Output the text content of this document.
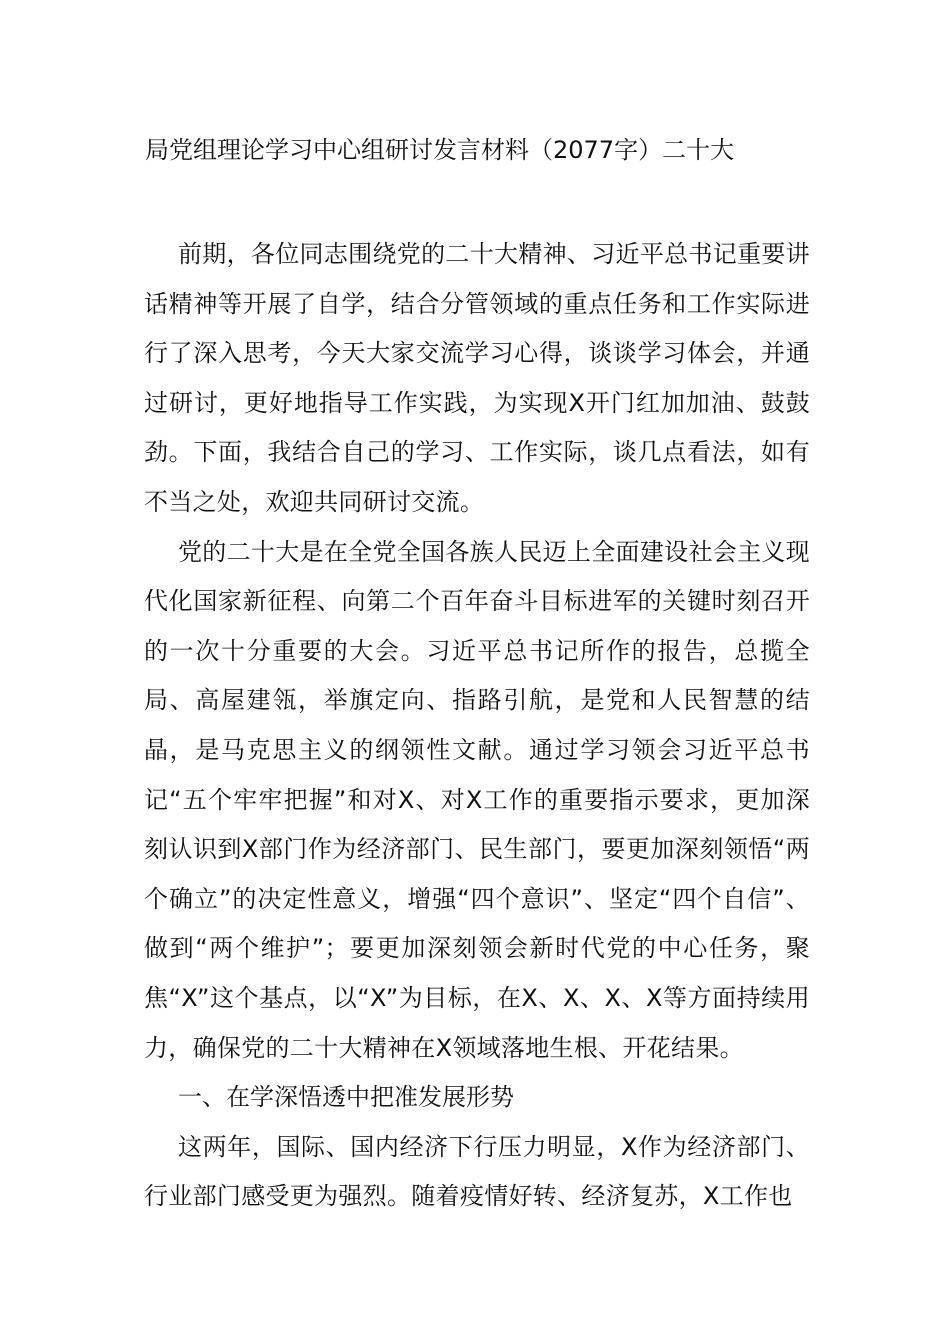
局党组理论学习中心组研讨发言材料（2077字）二十大

前期，各位同志围绕党的二十大精神、习近平总书记重要讲话精神等开展了自学，结合分管领域的重点任务和工作实际进行了深入思考，今天大家交流学习心得，谈谈学习体会，并通过研讨，更好地指导工作实践，为实现X开门红加加油、鼓鼓劲。下面，我结合自己的学习、工作实际，谈几点看法，如有不当之处，欢迎共同研讨交流。

党的二十大是在全党全国各族人民迈上全面建设社会主义现代化国家新征程、向第二个百年奋斗目标进军的关键时刻召开的一次十分重要的大会。习近平总书记所作的报告，总揽全局、高屋建瓴，举旗定向、指路引航，是党和人民智慧的结晶，是马克思主义的纲领性文献。通过学习领会习近平总书记“五个牢牢把握”和对X、对X工作的重要指示要求，更加深刻认识到X部门作为经济部门、民生部门，要更加深刻领悟“两个确立”的决定性意义，增强“四个意识”、坚定“四个自信”、做到“两个维护”；要更加深刻领会新时代党的中心任务，聚焦“X”这个基点，以“X”为目标，在X、X、X、X等方面持续用力，确保党的二十大精神在X领域落地生根、开花结果。

一、在学深悟透中把准发展形势

这两年，国际、国内经济下行压力明显，X作为经济部门、行业部门感受更为强烈。随着疫情好转、经济复苏，X工作也
